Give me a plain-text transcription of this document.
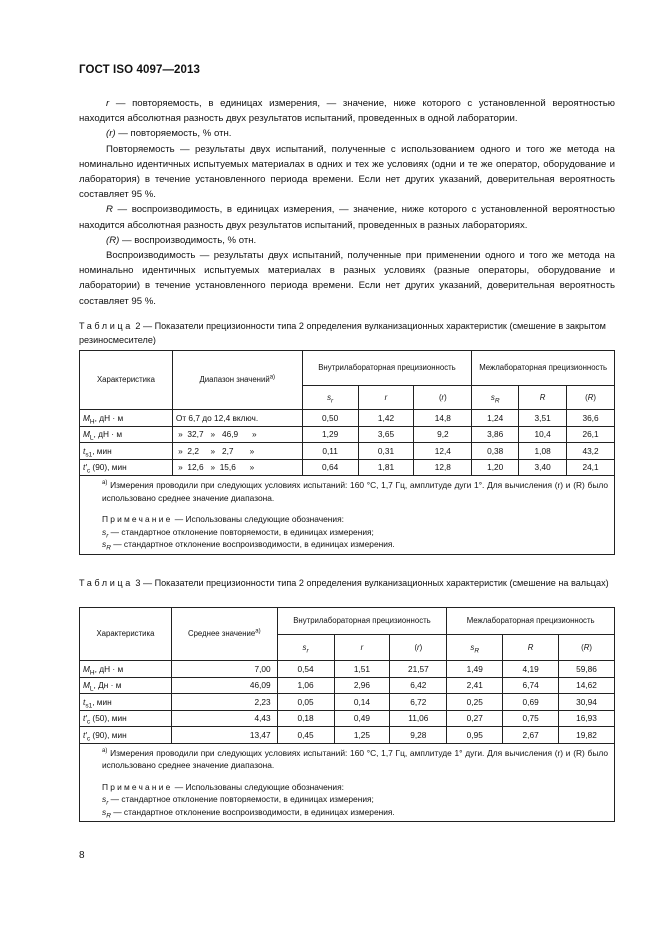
ГОСТ ISO 4097—2013

r — повторяемость, в единицах измерения, — значение, ниже которого с установленной вероятностью находится абсолютная разность двух результатов испытаний, проведенных в одной лаборатории.

(r) — повторяемость, % отн.

Повторяемость — результаты двух испытаний, полученные с использованием одного и того же метода на номинально идентичных испытуемых материалах в одних и тех же условиях (одни и те же оператор, оборудование и лаборатория) в течение установленного периода времени. Если нет других указаний, доверительная вероятность составляет 95 %.

R — воспроизводимость, в единицах измерения, — значение, ниже которого с установленной вероятностью находится абсолютная разность двух результатов испытаний, проведенных в разных лабораториях.

(R) — воспроизводимость, % отн.

Воспроизводимость — результаты двух испытаний, полученные при применении одного и того же метода на номинально идентичных испытуемых материалах в разных условиях (разные операторы, оборудование и лаборатории) в течение установленного периода времени. Если нет других указаний, доверительная вероятность составляет 95 %.

Таблица 2 — Показатели прецизионности типа 2 определения вулканизационных характеристик (смешение в закрытом резиносмесителе)
Характеристика	Диапазон значений$^{a)}$	Внутрилабораторная прецизионность			Межлабораторная прецизионность		
		$s_r$	r	(r)	$s_R$	R	(R)
$M_H$, дН · м	От 6,7 до 12,4 включ.	0,50	1,42	14,8	1,24	3,51	36,6
$M_L$, дН · м	»  32,7   »   46,9      »	1,29	3,65	9,2	3,86	10,4	26,1
$t_{s1}$, мин	»  2,2     »   2,7       »	0,11	0,31	12,4	0,38	1,08	43,2
$t'_c$ (90), мин	»  12,6   »  15,6      »	0,64	1,81	12,8	1,20	3,40	24,1

$^{a)}$ Измерения проводили при следующих условиях испытаний: 160 °С, 1,7 Гц, амплитуде дуги 1°. Для вычисления (r) и (R) было использовано среднее значение диапазона.

Примечание — Использованы следующие обозначения:

$s_r$ — стандартное отклонение повторяемости, в единицах измерения;

$s_R$ — стандартное отклонение воспроизводимости, в единицах измерения.							

Таблица 3 — Показатели прецизионности типа 2 определения вулканизационных характеристик (смешение на вальцах)
Характеристика	Среднее значение$^{a)}$	Внутрилабораторная прецизионность			Межлабораторная прецизионность		
		$s_r$	r	(r)	$s_R$	R	(R)
$M_H$, дН · м	7,00	0,54	1,51	21,57	1,49	4,19	59,86
$M_L$, Дн · м	46,09	1,06	2,96	6,42	2,41	6,74	14,62
$t_{s1}$, мин	2,23	0,05	0,14	6,72	0,25	0,69	30,94
$t'_c$ (50), мин	4,43	0,18	0,49	11,06	0,27	0,75	16,93
$t'_c$ (90), мин	13,47	0,45	1,25	9,28	0,95	2,67	19,82

$^{a)}$ Измерения проводили при следующих условиях испытаний: 160 °С, 1,7 Гц, амплитуде 1° дуги. Для вычисления (r) и (R) было использовано среднее значение диапазона.

Примечание — Использованы следующие обозначения:

$s_r$ — стандартное отклонение повторяемости, в единицах измерения;

$s_R$ — стандартное отклонение воспроизводимости, в единицах измерения.							

8
